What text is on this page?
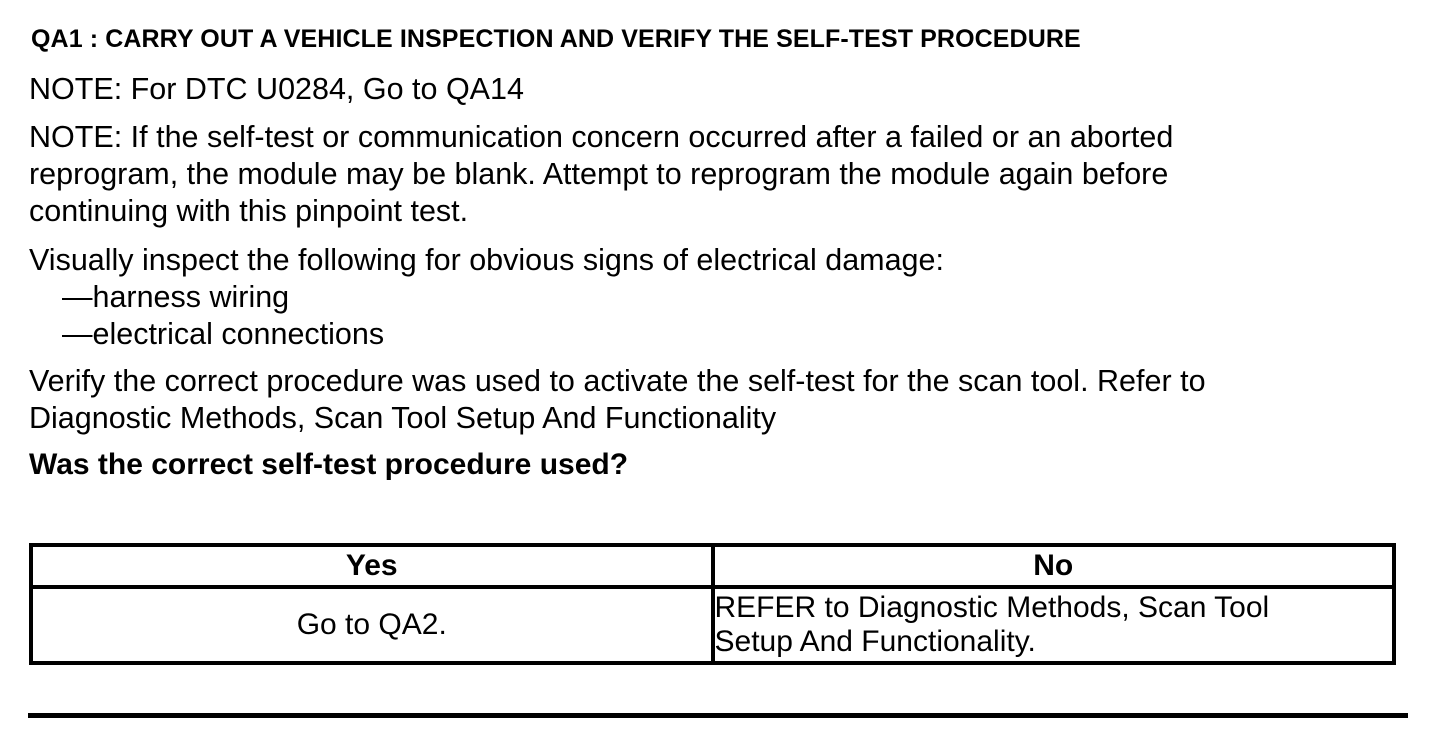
QA1 : CARRY OUT A VEHICLE INSPECTION AND VERIFY THE SELF-TEST PROCEDURE

NOTE: For DTC U0284, Go to QA14

NOTE: If the self-test or communication concern occurred after a failed or an aborted
reprogram, the module may be blank. Attempt to reprogram the module again before
continuing with this pinpoint test.

Visually inspect the following for obvious signs of electrical damage:
—harness wiring
—electrical connections

Verify the correct procedure was used to activate the self-test for the scan tool. Refer to
Diagnostic Methods, Scan Tool Setup And Functionality

Was the correct self-test procedure used?
Yes	No
Go to QA2.	REFER to Diagnostic Methods, Scan Tool
Setup And Functionality.
